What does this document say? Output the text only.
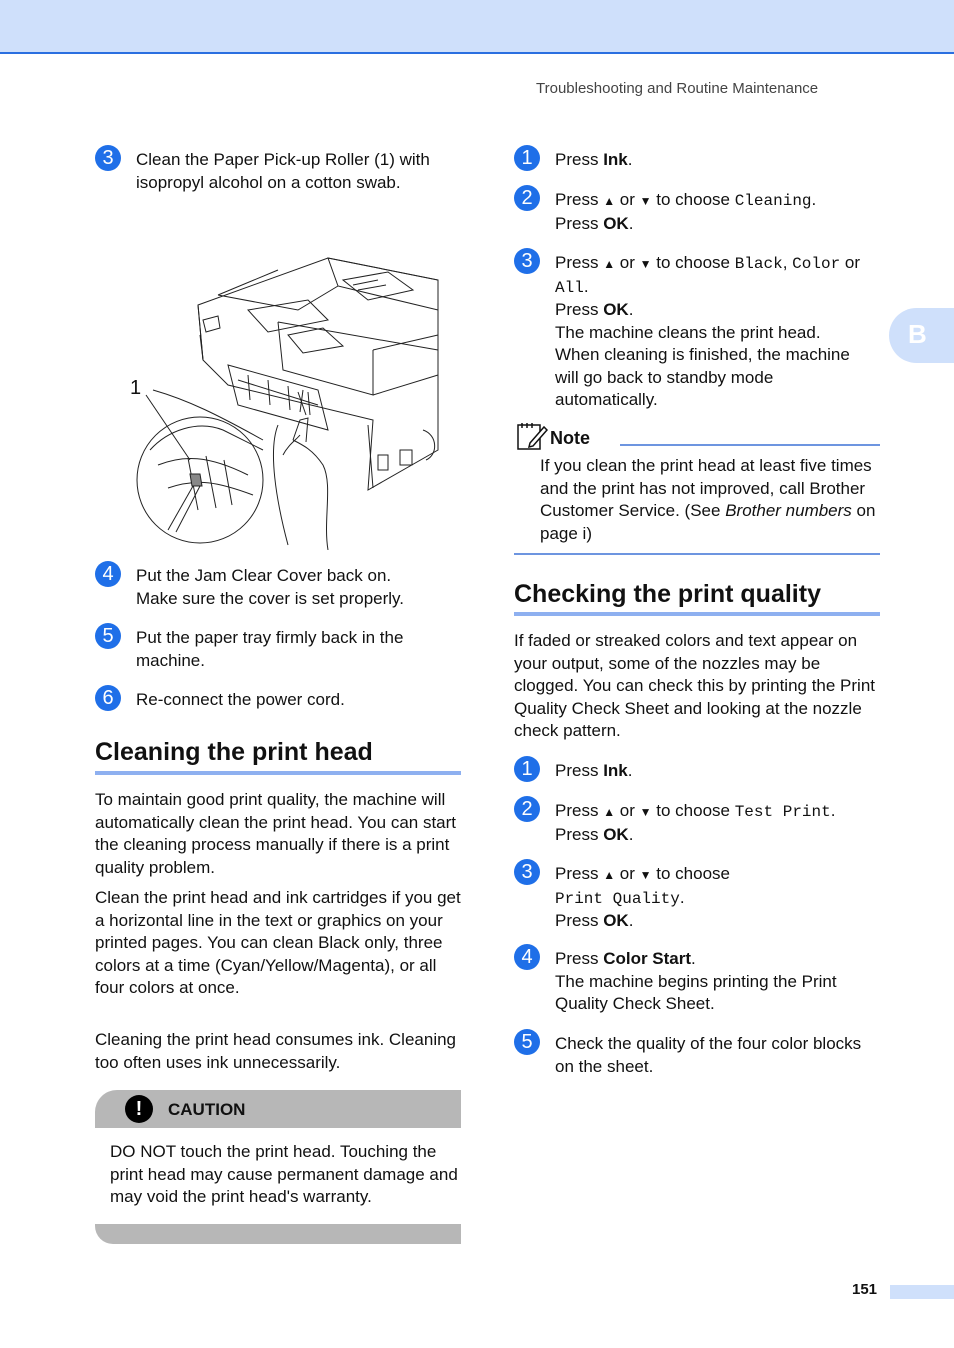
Troubleshooting and Routine Maintenance
B
3	Clean the Paper Pick-up Roller (1) with isopropyl alcohol on a cotton swab.
1
4	Put the Jam Clear Cover back on.
Make sure the cover is set properly.
5	Put the paper tray firmly back in the
machine.
6	Re-connect the power cord.
Cleaning the print head

To maintain good print quality, the machine will automatically clean the print head. You can start the cleaning process manually if there is a print quality problem.

Clean the print head and ink cartridges if you get a horizontal line in the text or graphics on your printed pages. You can clean Black only, three colors at a time (Cyan/Yellow/Magenta), or all four colors at once.

Cleaning the print head consumes ink. Cleaning too often uses ink unnecessarily.

!	CAUTION

DO NOT touch the print head. Touching the print head may cause permanent damage and may void the print head's warranty.

1	Press Ink.
2	Press ▲ or ▼ to choose Cleaning.
Press OK.
3	Press ▲ or ▼ to choose Black, Color or
All.
Press OK.
The machine cleans the print head.
When cleaning is finished, the machine
will go back to standby mode
automatically.
Note

If you clean the print head at least five times and the print has not improved, call Brother Customer Service. (See Brother numbers on page i)

Checking the print quality

If faded or streaked colors and text appear on your output, some of the nozzles may be clogged. You can check this by printing the Print Quality Check Sheet and looking at the nozzle check pattern.

1	Press Ink.
2	Press ▲ or ▼ to choose Test Print.
Press OK.
3	Press ▲ or ▼ to choose
Print Quality.
Press OK.
4	Press Color Start.
The machine begins printing the Print
Quality Check Sheet.
5	Check the quality of the four color blocks
on the sheet.
151
